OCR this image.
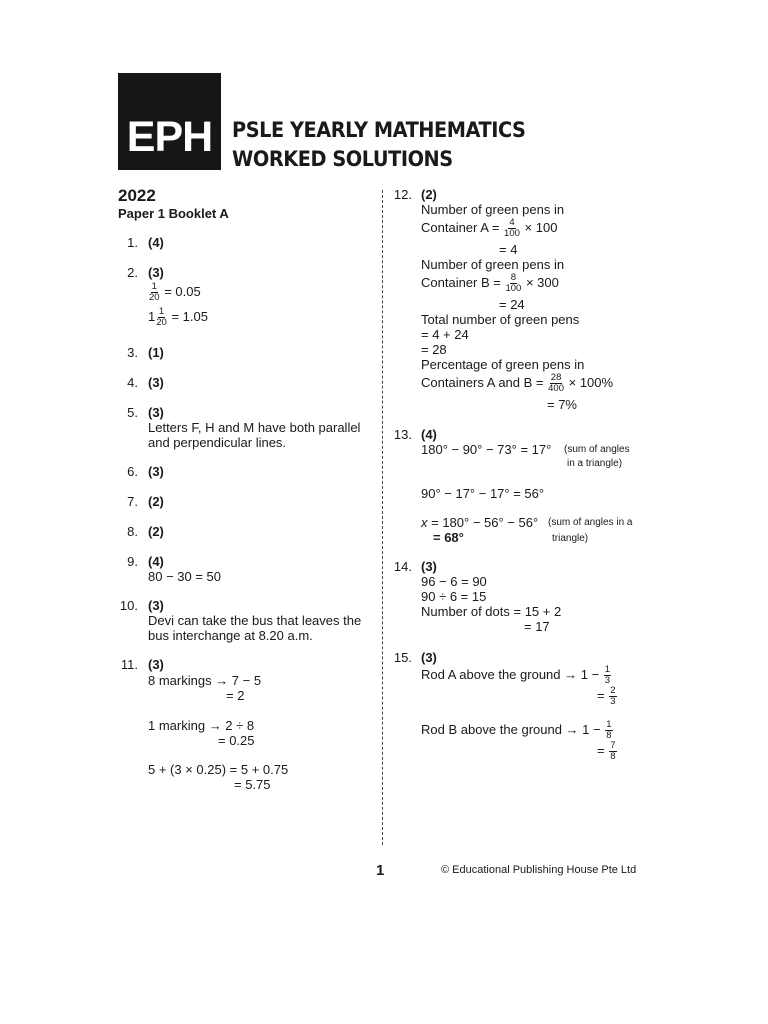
EPH PSLE YEARLY MATHEMATICS
WORKED SOLUTIONS
2022
Paper 1 Booklet A
1. (4)
2. (3)
$\frac{1}{20} = 0.05$
$1 \frac{1}{20} = 1.05$
3. (1)
4. (3)
5. (3)
Letters F, H and M have both parallel
and perpendicular lines.
6. (3)
7. (2)
8. (2)
9. (4)
80 − 30 = 50
10. (3)
Devi can take the bus that leaves the
bus interchange at 8.20 a.m.
11. (3)
8 markings → 7 − 5
= 2
1 marking → 2 ÷ 8
= 0.25
5 + (3 × 0.25) = 5 + 0.75
= 5.75
12. (2)
Number of green pens in
Container $A = \frac{4}{100} \times 100$
= 4
Number of green pens in
Container $B = \frac{8}{100} \times 300$
= 24
Total number of green pens
= 4 + 24
= 28
Percentage of green pens in
Containers A and $B = \frac{28}{400} \times 100\%$
= 7%
13. (4)
180° − 90° − 73° = 17° (sum of angles
in a triangle)
90° − 17° − 17° = 56°
x = 180° − 56° − 56° (sum of angles in a
= 68°	triangle)
14. (3)
96 − 6 = 90
90 ÷ 6 = 15
Number of dots = 15 + 2
= 17
15. (3)
Rod A above the ground → $1 - \frac{1}{3}$
= $\frac{2}{3}$
Rod B above the ground → $1 - \frac{1}{8}$
= $\frac{7}{8}$
1	© Educational Publishing House Pte Ltd
